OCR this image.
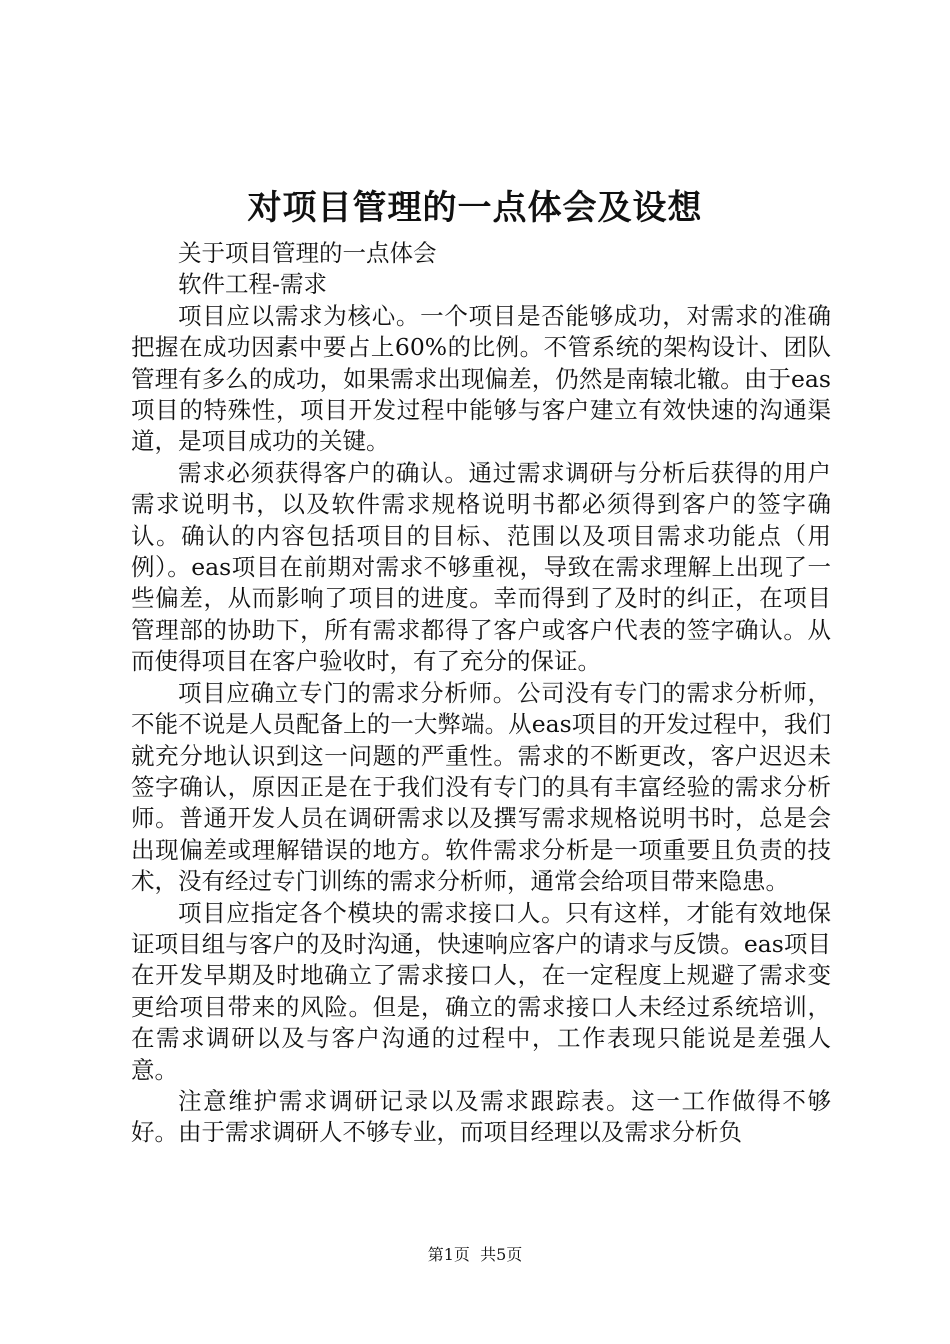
对项目管理的一点体会及设想

关于项目管理的一点体会

软件工程-需求

项目应以需求为核心。一个项目是否能够成功，对需求的准确把握在成功因素中要占上60%的比例。不管系统的架构设计、团队管理有多么的成功，如果需求出现偏差，仍然是南辕北辙。由于eas项目的特殊性，项目开发过程中能够与客户建立有效快速的沟通渠道，是项目成功的关键。

需求必须获得客户的确认。通过需求调研与分析后获得的用户需求说明书，以及软件需求规格说明书都必须得到客户的签字确认。确认的内容包括项目的目标、范围以及项目需求功能点（用例）。eas项目在前期对需求不够重视，导致在需求理解上出现了一些偏差，从而影响了项目的进度。幸而得到了及时的纠正，在项目管理部的协助下，所有需求都得了客户或客户代表的签字确认。从而使得项目在客户验收时，有了充分的保证。

项目应确立专门的需求分析师。公司没有专门的需求分析师，不能不说是人员配备上的一大弊端。从eas项目的开发过程中，我们就充分地认识到这一问题的严重性。需求的不断更改，客户迟迟未签字确认，原因正是在于我们没有专门的具有丰富经验的需求分析师。普通开发人员在调研需求以及撰写需求规格说明书时，总是会出现偏差或理解错误的地方。软件需求分析是一项重要且负责的技术，没有经过专门训练的需求分析师，通常会给项目带来隐患。

项目应指定各个模块的需求接口人。只有这样，才能有效地保证项目组与客户的及时沟通，快速响应客户的请求与反馈。eas项目在开发早期及时地确立了需求接口人，在一定程度上规避了需求变更给项目带来的风险。但是，确立的需求接口人未经过系统培训，在需求调研以及与客户沟通的过程中，工作表现只能说是差强人意。

注意维护需求调研记录以及需求跟踪表。这一工作做得不够好。由于需求调研人不够专业，而项目经理以及需求分析负

第1页 共5页
